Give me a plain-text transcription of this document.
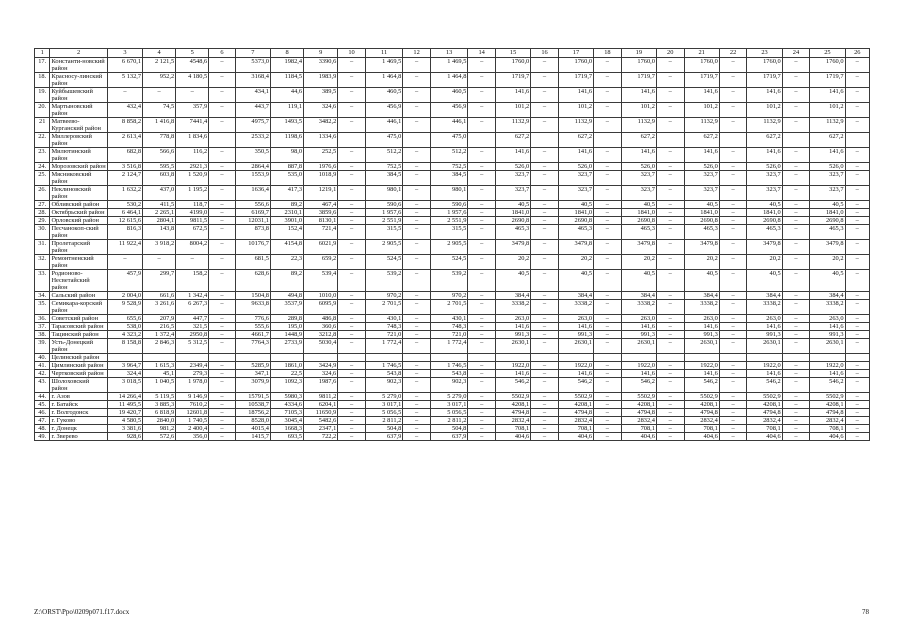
1	2	3	4	5	6	7	8	9	10	11	12	13	14	15	16	17	18	19	20	21	22	23	24	25	26
17.	Константи-новский район	6 670,1	2 121,5	4548,6	–	5373,0	1982,4	3390,6	–	1 469,5	–	1 469,5	–	1760,0	–	1760,0	–	1760,0	–	1760,0	–	1760,0	–	1760,0	–
18.	Красносу-линский район	5 132,7	952,2	4 180,5	–	3168,4	1184,5	1983,9	–	1 464,8	–	1 464,8	–	1719,7	–	1719,7	–	1719,7	–	1719,7	–	1719,7	–	1719,7	–
19.	Куйбышевский район	–	–	–	–	434,1	44,6	389,5	–	460,5	–	460,5	–	141,6	–	141,6	–	141,6	–	141,6	–	141,6	–	141,6	–
20.	Мартыновский район	432,4	74,5	357,9	–	443,7	119,1	324,6	–	456,9	–	456,9	–	101,2	–	101,2	–	101,2	–	101,2	–	101,2	–	101,2	–
21	Матвеево-Курганский район	8 858,2	1 416,8	7441,4	–	4975,7	1493,5	3482,2	–	446,1	–	446,1	–	1132,9	–	1132,9	–	1132,9	–	1132,9	–	1132,9	–	1132,9	–
22.	Миллеровский район	2 613,4	778,8	1 834,6		2533,2	1198,6	1334,6		475,0		475,0		627,2		627,2		627,2		627,2		627,2		627,2	
23.	Милютинский район	682,8	566,6	116,2	–	350,5	98,0	252,5	–	512,2	–	512,2	–	141,6	–	141,6	–	141,6	–	141,6	–	141,6	–	141,6	–
24.	Морозовский район	3 516,8	595,5	2921,3	–	2864,4	887,8	1976,6	–	752,5	–	752,5	–	526,0	–	526,0	–	526,0	–	526,0	–	526,0	–	526,0	–
25.	Мясниковский район	2 124,7	603,8	1 520,9	–	1553,9	535,0	1018,9	–	384,5	–	384,5	–	323,7	–	323,7	–	323,7	–	323,7	–	323,7	–	323,7	–
26.	Неклиновский район	1 632,2	437,0	1 195,2	–	1636,4	417,3	1219,1	–	980,1	–	980,1	–	323,7	–	323,7	–	323,7	–	323,7	–	323,7	–	323,7	–
27.	Обливский район	530,2	411,5	118,7	–	556,6	89,2	467,4	–	590,6	–	590,6	–	40,5	–	40,5	–	40,5	–	40,5	–	40,5	–	40,5	–
28.	Октябрьский район	6 464,1	2 265,1	4199,0	–	6169,7	2310,1	3859,6	–	1 957,6	–	1 957,6	–	1841,0	–	1841,0	–	1841,0	–	1841,0	–	1841,0	–	1841,0	–
29.	Орловский район	12 615,6	2804,1	9811,5	–	12031,1	3901,0	8130,1	–	2 551,9	–	2 551,9	–	2690,8	–	2690,8	–	2690,8	–	2690,8	–	2690,8	–	2690,8	–
30.	Песчанокоп-ский район	816,3	143,8	672,5	–	873,8	152,4	721,4	–	315,5	–	315,5	–	465,3	–	465,3	–	465,3	–	465,3	–	465,3	–	465,3	–
31.	Пролетарский район	11 922,4	3 918,2	8004,2	–	10176,7	4154,8	6021,9	–	2 905,5	–	2 905,5	–	3479,8	–	3479,8	–	3479,8	–	3479,8	–	3479,8	–	3479,8	–
32.	Ремонтненский район	–	–	–	–	681,5	22,3	659,2	–	524,5	–	524,5	–	20,2	–	20,2	–	20,2	–	20,2	–	20,2	–	20,2	–
33.	Родионово-Несветайский район	457,9	299,7	158,2	–	628,6	89,2	539,4	–	539,2	–	539,2	–	40,5	–	40,5	–	40,5	–	40,5	–	40,5	–	40,5	–
34.	Сальский район	2 004,0	661,6	1 342,4	–	1504,8	494,8	1010,0	–	970,2	–	970,2	–	384,4	–	384,4	–	384,4	–	384,4	–	384,4	–	384,4	–
35.	Семикара-корский район	9 528,9	3 261,6	6 267,3	–	9633,8	3537,9	6095,9	–	2 701,5	–	2 701,5	–	3338,2	–	3338,2	–	3338,2	–	3338,2	–	3338,2	–	3338,2	–
36.	Советский район	655,6	207,9	447,7	–	776,6	289,8	486,8	–	430,1	–	430,1	–	263,0	–	263,0	–	263,0	–	263,0	–	263,0	–	263,0	–
37.	Тарасовский район	538,0	216,5	321,5	–	555,6	195,0	360,6	–	748,3	–	748,3	–	141,6	–	141,6	–	141,6	–	141,6	–	141,6	–	141,6	–
38.	Тацинский район	4 323,2	1 372,4	2950,8	–	4661,7	1448,9	3212,8	–	721,0	–	721,0	–	991,3	–	991,3	–	991,3	–	991,3	–	991,3	–	991,3	–
39.	Усть-Донецкий район	8 158,8	2 846,3	5 312,5	–	7764,3	2733,9	5030,4	–	1 772,4	–	1 772,4	–	2630,1	–	2630,1	–	2630,1	–	2630,1	–	2630,1	–	2630,1	–
40.	Целинский район																								
41.	Цимлянский район	3 964,7	1 615,3	2349,4	–	5285,9	1861,0	3424,9	–	1 746,5	–	1 746,5	–	1922,0	–	1922,0	–	1922,0	–	1922,0	–	1922,0	–	1922,0	–
42.	Чертковский район	324,4	45,1	279,3	–	347,1	22,5	324,6	–	543,8	–	543,8	–	141,6	–	141,6	–	141,6	–	141,6	–	141,6	–	141,6	–
43.	Шолоховский район	3 018,5	1 040,5	1 978,0	–	3079,9	1092,3	1987,6	–	902,3	–	902,3	–	546,2	–	546,2	–	546,2	–	546,2	–	546,2	–	546,2	–
44.	г. Азов	14 266,4	5 119,5	9 146,9	–	15791,5	5980,3	9811,2	–	5 279,0	–	5 279,0	–	5502,9	–	5502,9	–	5502,9	–	5502,9	–	5502,9	–	5502,9	–
45.	г. Батайск	11 495,5	3 885,3	7610,2	–	10538,7	4334,6	6204,1	–	3 017,1	–	3 017,1	–	4208,1	–	4208,1	–	4208,1	–	4208,1	–	4208,1	–	4208,1	–
46.	г. Волгодонск	19 420,7	6 818,9	12601,8	–	18756,2	7105,3	11650,9	–	5 056,5	–	5 056,5	–	4794,8	–	4794,8	–	4794,8	–	4794,8	–	4794,8	–	4794,8	–
47.	г. Гуково	4 580,5	2840,0	1 740,5	–	8528,0	3045,4	5482,6	–	2 811,2	–	2 811,2	–	2832,4	–	2832,4	–	2832,4	–	2832,4	–	2832,4	–	2832,4	–
48.	г. Донецк	3 381,6	981,2	2 400,4	–	4015,4	1668,3	2347,1	–	504,8	–	504,8	–	708,1	–	708,1	–	708,1	–	708,1	–	708,1	–	708,1	–
49.	г. Зверево	928,6	572,6	356,0	–	1415,7	693,5	722,2	–	637,9	–	637,9	–	404,6	–	404,6	–	404,6	–	404,6	–	404,6	–	404,6	–
Z:\ORST\Ppo\0209p071.f17.docx	78
